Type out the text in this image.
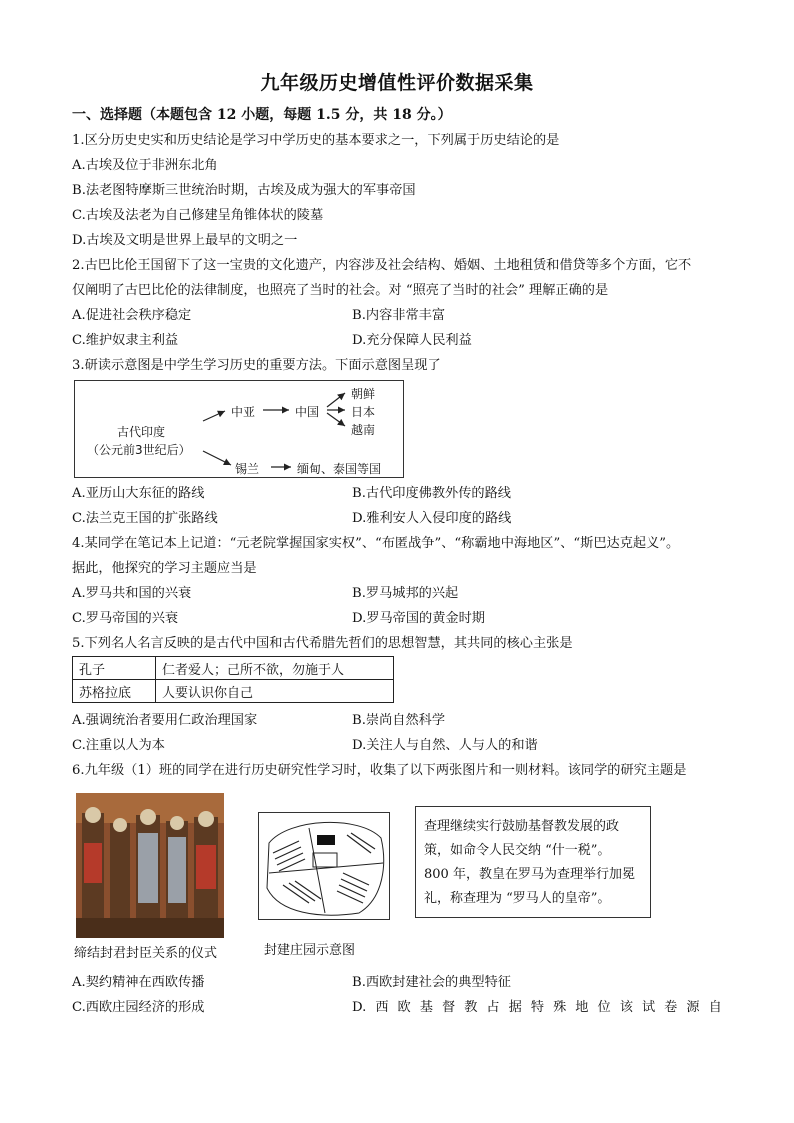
九年级历史增值性评价数据采集
一、选择题（本题包含 12 小题，每题 1.5 分，共 18 分。）
1.区分历史史实和历史结论是学习中学历史的基本要求之一，下列属于历史结论的是
A.古埃及位于非洲东北角
B.法老图特摩斯三世统治时期，古埃及成为强大的军事帝国
C.古埃及法老为自己修建呈角锥体状的陵墓
D.古埃及文明是世界上最早的文明之一
2.古巴比伦王国留下了这一宝贵的文化遗产，内容涉及社会结构、婚姻、土地租赁和借贷等多个方面，它不
仅阐明了古巴比伦的法律制度，也照亮了当时的社会。对 “照亮了当时的社会” 理解正确的是
A.促进社会秩序稳定	B.内容非常丰富
C.维护奴隶主利益	D.充分保障人民利益
3.研读示意图是中学生学习历史的重要方法。下面示意图呈现了
古代印度
（公元前3世纪后）
中亚	中国
朝鲜
日本
越南
锡兰	缅甸、泰国等国
A.亚历山大东征的路线	B.古代印度佛教外传的路线
C.法兰克王国的扩张路线	D.雅利安人入侵印度的路线
4.某同学在笔记本上记道：“元老院掌握国家实权”、“布匿战争”、“称霸地中海地区”、“斯巴达克起义”。
据此，他探究的学习主题应当是
A.罗马共和国的兴衰	B.罗马城邦的兴起
C.罗马帝国的兴衰	D.罗马帝国的黄金时期
5.下列名人名言反映的是古代中国和古代希腊先哲们的思想智慧，其共同的核心主张是
孔子	仁者爱人；己所不欲，勿施于人
苏格拉底	人要认识你自己
A.强调统治者要用仁政治理国家	B.崇尚自然科学
C.注重以人为本	D.关注人与自然、人与人的和谐
6.九年级（1）班的同学在进行历史研究性学习时，收集了以下两张图片和一则材料。该同学的研究主题是
缔结封君封臣关系的仪式	封建庄园示意图
查理继续实行鼓励基督教发展的政
策，如命令人民交纳 “什一税”。
800 年，教皇在罗马为查理举行加冕
礼，称查理为 “罗马人的皇帝”。
A.契约精神在西欧传播	B.西欧封建社会的典型特征
C.西欧庄园经济的形成	D. 西 欧 基 督 教 占 据 特 殊 地 位 该 试 卷 源 自
